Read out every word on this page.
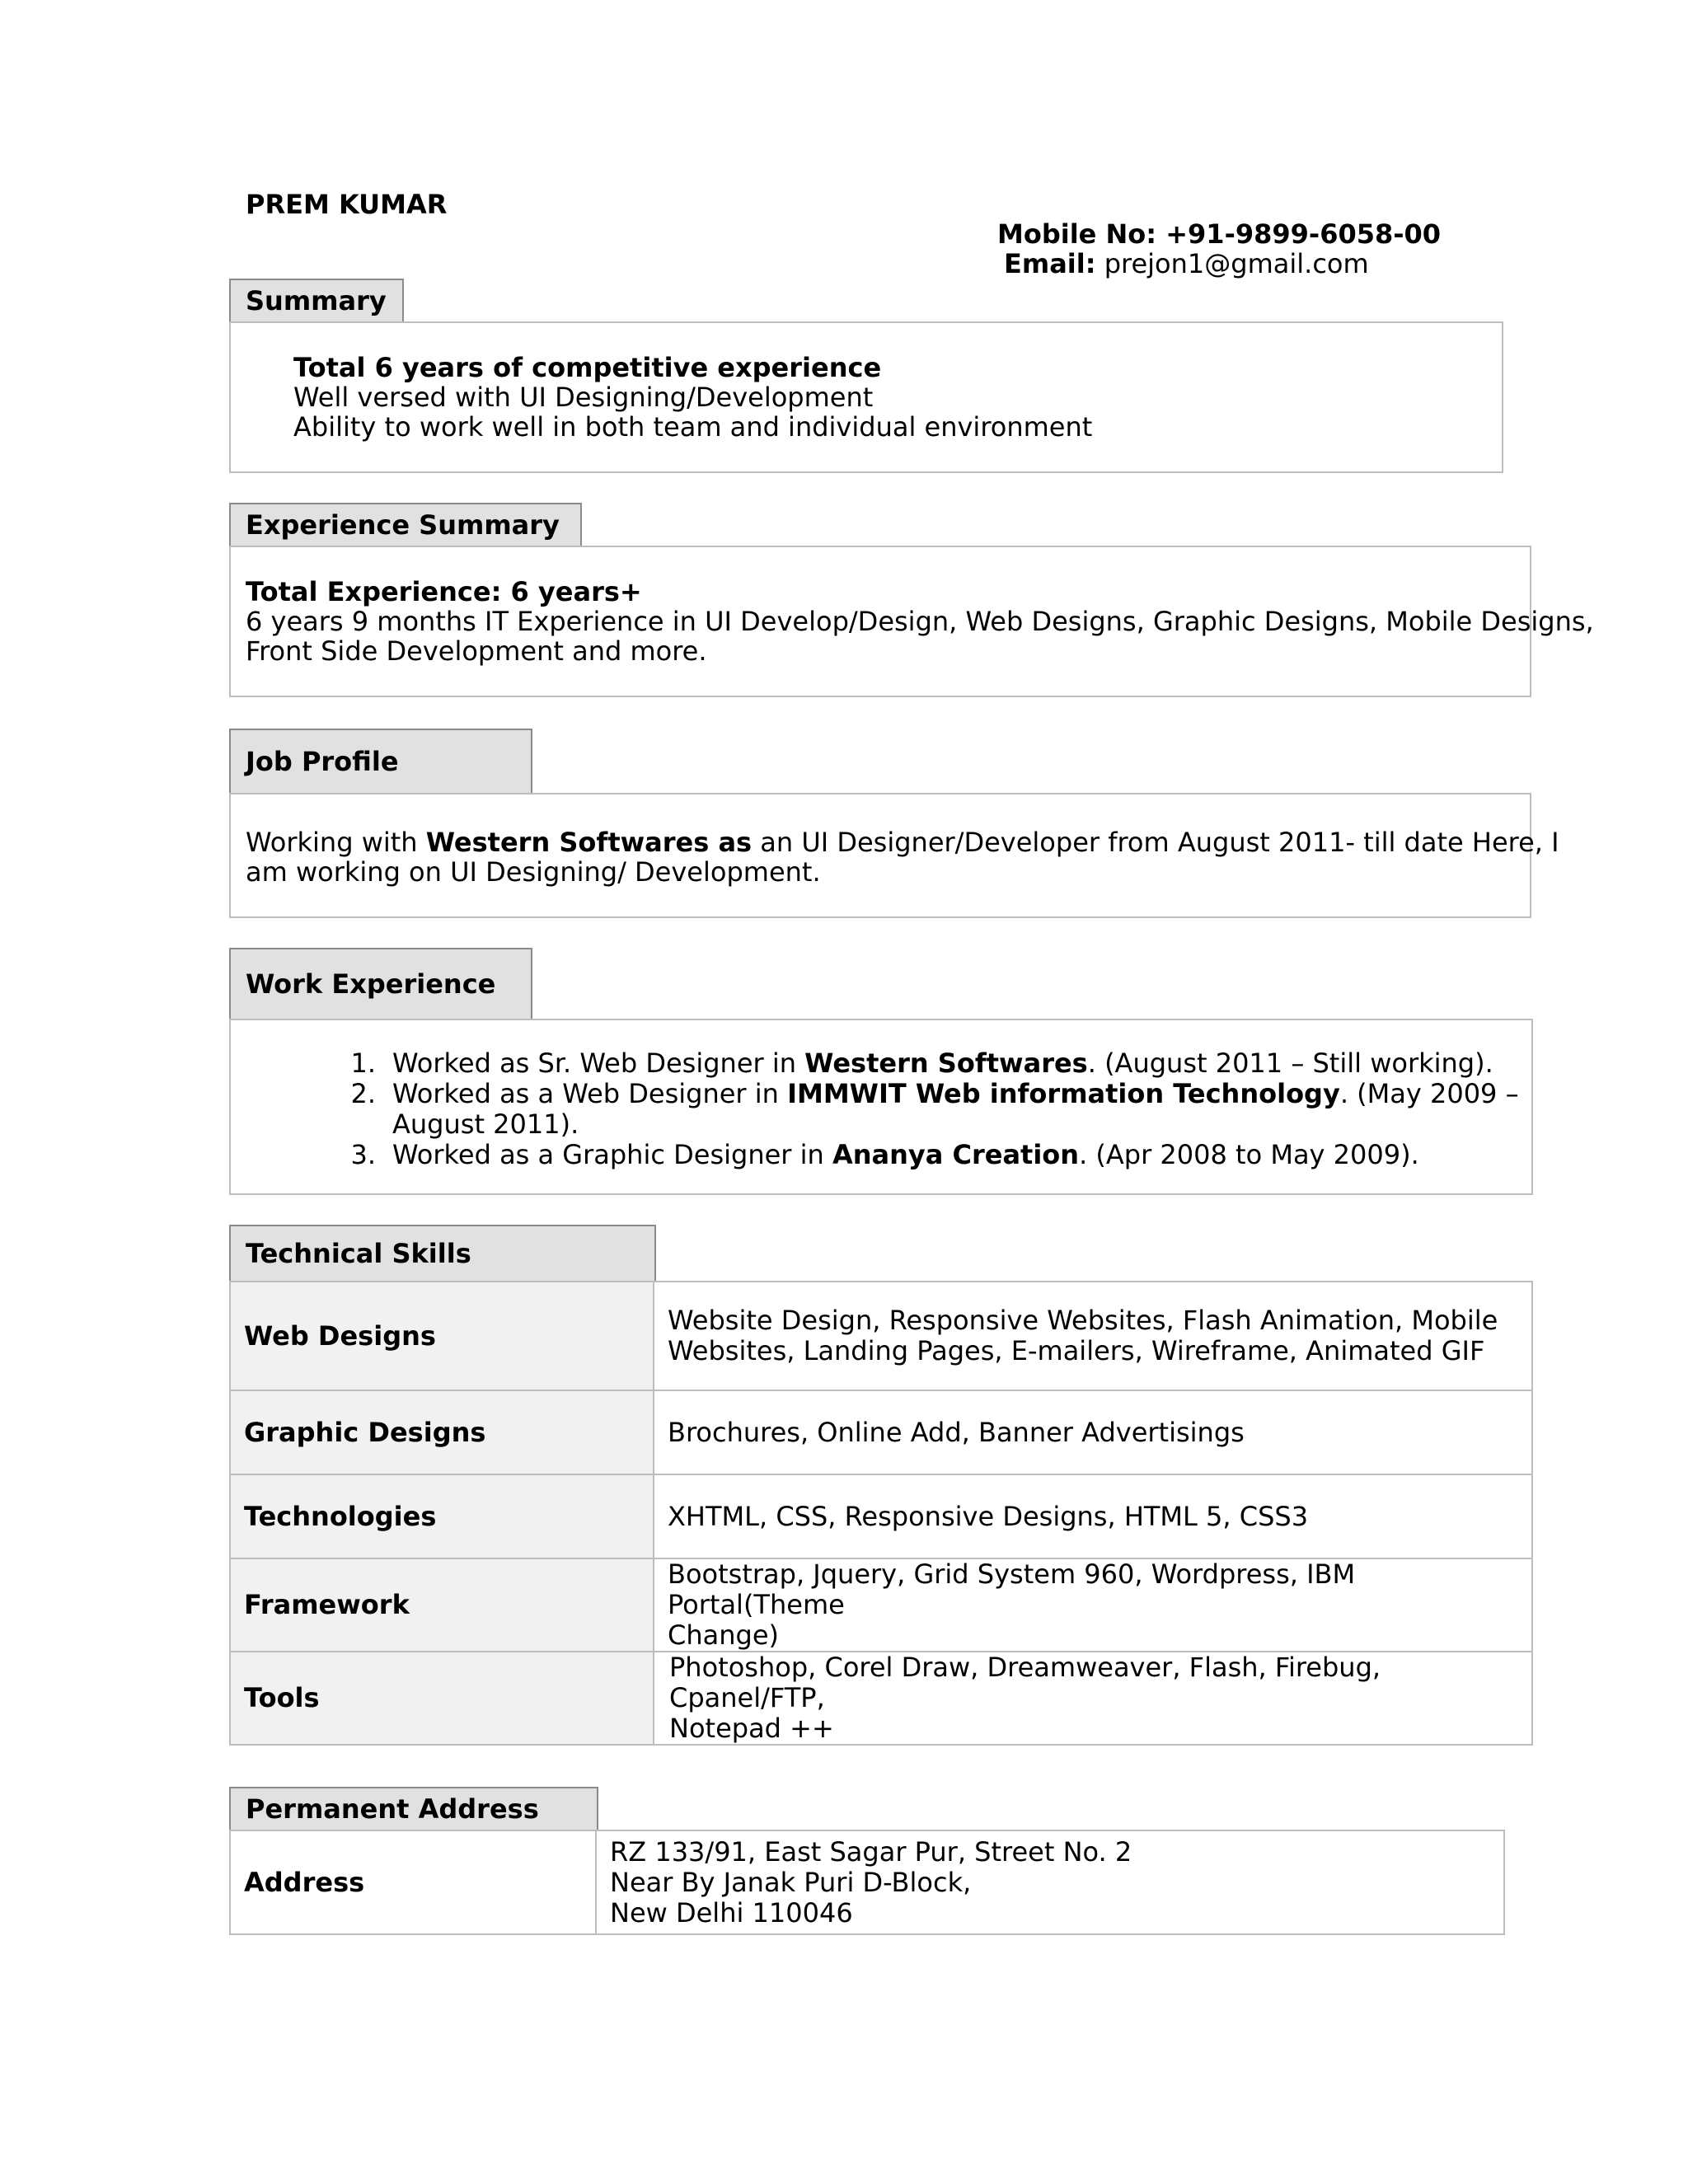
PREM KUMAR
Mobile No: +91-9899-6058-00
Email: prejon1@gmail.com
Summary
Total 6 years of competitive experience
Well versed with UI Designing/Development
Ability to work well in both team and individual environment
Experience Summary
Total Experience: 6 years+
6 years 9 months IT Experience in UI Develop/Design, Web Designs, Graphic Designs, Mobile Designs,
Front Side Development and more.
Job Profile
Working with Western Softwares as an UI Designer/Developer from August 2011- till date Here, I
am working on UI Designing/ Development.
Work Experience
1. Worked as Sr. Web Designer in Western Softwares. (August 2011 – Still working).
2. Worked as a Web Designer in IMMWIT Web information Technology. (May 2009 –
August 2011).
3. Worked as a Graphic Designer in Ananya Creation. (Apr 2008 to May 2009).
Technical Skills
Web Designs	Website Design, Responsive Websites, Flash Animation, Mobile
Websites, Landing Pages, E-mailers, Wireframe, Animated GIF
Graphic Designs	Brochures, Online Add, Banner Advertisings
Technologies	XHTML, CSS, Responsive Designs, HTML 5, CSS3
Framework	Bootstrap, Jquery, Grid System 960, Wordpress, IBM Portal(Theme
Change)
Tools	Photoshop, Corel Draw, Dreamweaver, Flash, Firebug, Cpanel/FTP,
Notepad ++
Permanent Address
Address	RZ 133/91, East Sagar Pur, Street No. 2
Near By Janak Puri D-Block,
New Delhi 110046
